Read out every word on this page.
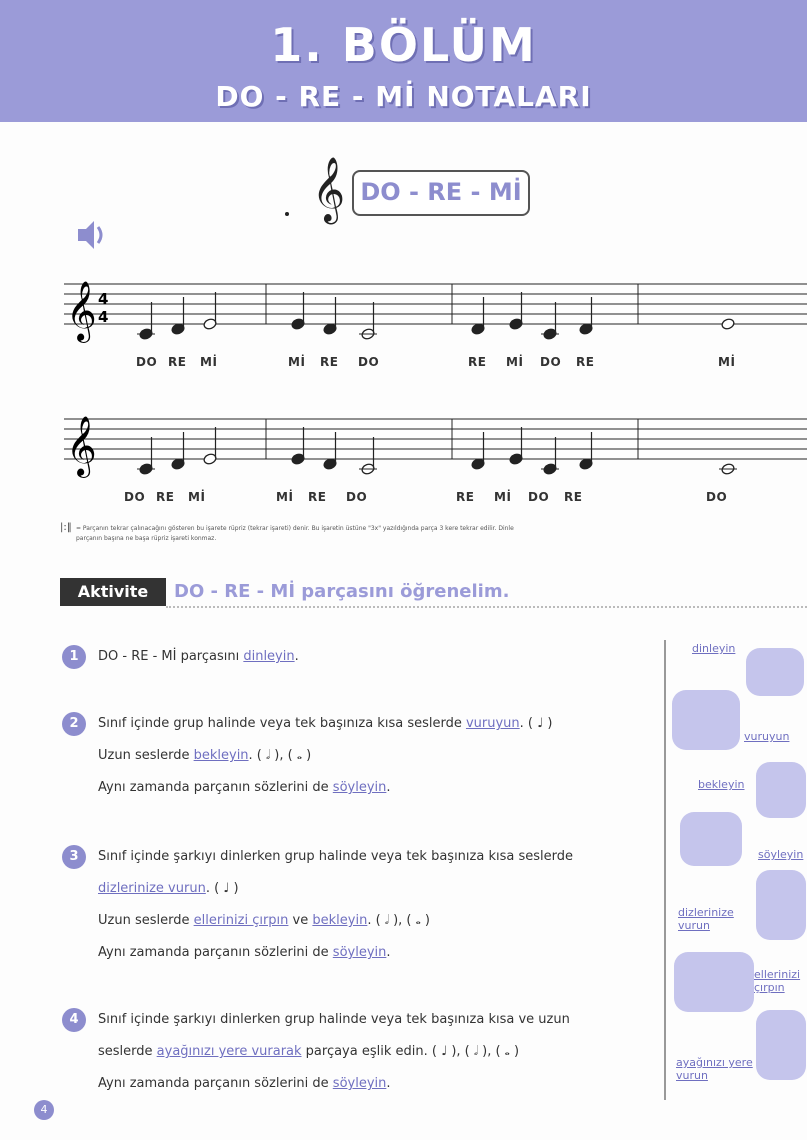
1. BÖLÜM
DO - RE - Mİ NOTALARI
𝄞 DO - RE - Mİ
𝄞 4
4
DO RE Mİ	Mİ RE DO	RE Mİ DO RE	Mİ
𝄞
DO RE Mİ	Mİ RE DO	RE Mİ DO RE	DO
|:‖ = Parçanın tekrar çalınacağını gösteren bu işarete rüpriz (tekrar işareti) denir. Bu işaretin üstüne "3x" yazıldığında parça 3 kere tekrar edilir. Dinle
parçanın başına ne başa rüpriz işareti konmaz.
Aktivite	DO - RE - Mİ parçasını öğrenelim.
1	DO - RE - Mİ parçasını dinleyin.
2	Sınıf içinde grup halinde veya tek başınıza kısa seslerde vuruyun. ( ♩ )
Uzun seslerde bekleyin. ( 𝅗𝅥 ), ( 𝅝 )
Aynı zamanda parçanın sözlerini de söyleyin.
3	Sınıf içinde şarkıyı dinlerken grup halinde veya tek başınıza kısa seslerde
dizlerinize vurun. ( ♩ )
Uzun seslerde ellerinizi çırpın ve bekleyin. ( 𝅗𝅥 ), ( 𝅝 )
Aynı zamanda parçanın sözlerini de söyleyin.
4	Sınıf içinde şarkıyı dinlerken grup halinde veya tek başınıza kısa ve uzun
seslerde ayağınızı yere vurarak parçaya eşlik edin. ( ♩ ), ( 𝅗𝅥 ), ( 𝅝 )
Aynı zamanda parçanın sözlerini de söyleyin.
dinleyin
vuruyun
bekleyin
söyleyin
dizlerinize vurun
ellerinizi çırpın
ayağınızı yere vurun
4
